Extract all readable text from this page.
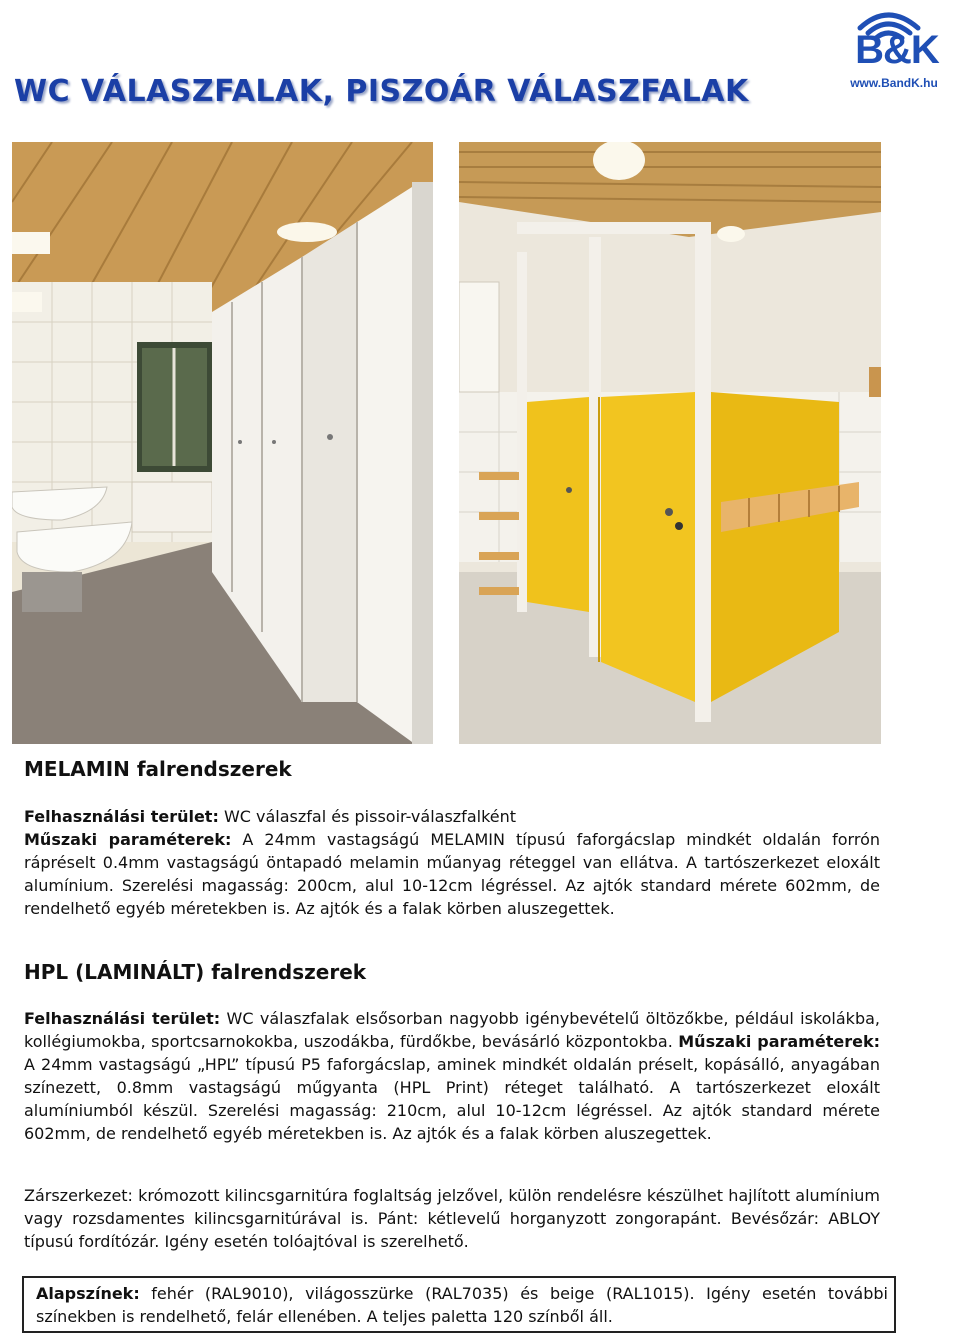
WC VÁLASZFALAK, PISZOÁR VÁLASZFALAK
B&K
www.BandK.hu
MELAMIN falrendszerek

Felhasználási terület: WC válaszfal és pissoir-válaszfalként
Műszaki paraméterek: A 24mm vastagságú MELAMIN típusú faforgácslap mindkét oldalán forrón rápréselt 0.4mm vastagságú öntapadó melamin műanyag réteggel van ellátva. A tartószerkezet eloxált alumínium. Szerelési magasság: 200cm, alul 10-12cm légréssel. Az ajtók standard mérete 602mm, de rendelhető egyéb méretekben is. Az ajtók és a falak körben aluszegettek.

HPL (LAMINÁLT) falrendszerek

Felhasználási terület: WC válaszfalak elsősorban nagyobb igénybevételű öltözőkbe, például iskolákba, kollégiumokba, sportcsarnokokba, uszodákba, fürdőkbe, bevásárló központokba. Műszaki paraméterek: A 24mm vastagságú „HPL” típusú P5 faforgácslap, aminek mindkét oldalán préselt, kopásálló, anyagában színezett, 0.8mm vastagságú műgyanta (HPL Print) réteget található. A tartószerkezet eloxált alumíniumból készül. Szerelési magasság: 210cm, alul 10-12cm légréssel. Az ajtók standard mérete 602mm, de rendelhető egyéb méretekben is. Az ajtók és a falak körben aluszegettek.

Zárszerkezet: krómozott kilincsgarnitúra foglaltság jelzővel, külön rendelésre készülhet hajlított alumínium vagy rozsdamentes kilincsgarnitúrával is. Pánt: kétlevelű horganyzott zongorapánt. Bevésőzár: ABLOY típusú fordítózár. Igény esetén tolóajtóval is szerelhető.

Alapszínek: fehér (RAL9010), világosszürke (RAL7035) és beige (RAL1015). Igény esetén további színekben is rendelhető, felár ellenében. A teljes paletta 120 színből áll.
